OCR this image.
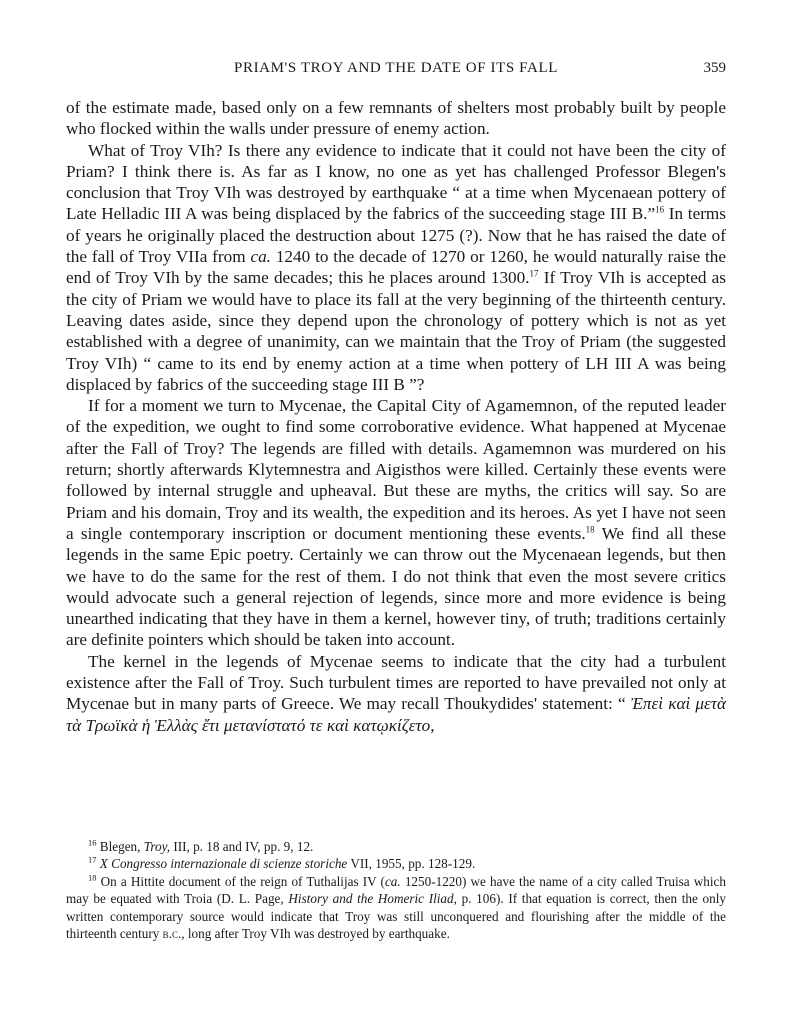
PRIAM'S TROY AND THE DATE OF ITS FALL	359

of the estimate made, based only on a few remnants of shelters most probably built by people who flocked within the walls under pressure of enemy action.

What of Troy VIh? Is there any evidence to indicate that it could not have been the city of Priam? I think there is. As far as I know, no one as yet has challenged Professor Blegen's conclusion that Troy VIh was destroyed by earthquake “ at a time when Mycenaean pottery of Late Helladic III A was being displaced by the fabrics of the succeeding stage III B.”$^{16}$ In terms of years he originally placed the destruction about 1275 (?). Now that he has raised the date of the fall of Troy VIIa from ca. 1240 to the decade of 1270 or 1260, he would naturally raise the end of Troy VIh by the same decades; this he places around 1300.17 If Troy VIh is accepted as the city of Priam we would have to place its fall at the very beginning of the thirteenth century. Leaving dates aside, since they depend upon the chronology of pottery which is not as yet established with a degree of unanimity, can we maintain that the Troy of Priam (the suggested Troy VIh) “ came to its end by enemy action at a time when pottery of LH III A was being displaced by fabrics of the succeeding stage III B ”?

If for a moment we turn to Mycenae, the Capital City of Agamemnon, of the reputed leader of the expedition, we ought to find some corroborative evidence. What happened at Mycenae after the Fall of Troy? The legends are filled with details. Agamemnon was murdered on his return; shortly afterwards Klytemnestra and Aigisthos were killed. Certainly these events were followed by internal struggle and upheaval. But these are myths, the critics will say. So are Priam and his domain, Troy and its wealth, the expedition and its heroes. As yet I have not seen a single contemporary inscription or document mentioning these events.$^{18}$ We find all these legends in the same Epic poetry. Certainly we can throw out the Mycenaean legends, but then we have to do the same for the rest of them. I do not think that even the most severe critics would advocate such a general rejection of legends, since more and more evidence is being unearthed indicating that they have in them a kernel, however tiny, of truth; traditions certainly are definite pointers which should be taken into account.

The kernel in the legends of Mycenae seems to indicate that the city had a turbulent existence after the Fall of Troy. Such turbulent times are reported to have prevailed not only at Mycenae but in many parts of Greece. We may recall Thoukydides' statement: “ Ἐπεὶ καὶ μετὰ τὰ Τρωϊκὰ ἡ Ἑλλὰς ἔτι μετανίστατό τε καὶ κατῳκίζετο,

$^{16}$ Blegen, Troy, III, p. 18 and IV, pp. 9, 12.

$^{17}$ X Congresso internazionale di scienze storiche VII, 1955, pp. 128-129.

$^{18}$ On a Hittite document of the reign of Tuthalijas IV (ca. 1250-1220) we have the name of a city called Truisa which may be equated with Troia (D. L. Page, History and the Homeric Iliad, p. 106). If that equation is correct, then the only written contemporary source would indicate that Troy was still unconquered and flourishing after the middle of the thirteenth century b.c., long after Troy VIh was destroyed by earthquake.
